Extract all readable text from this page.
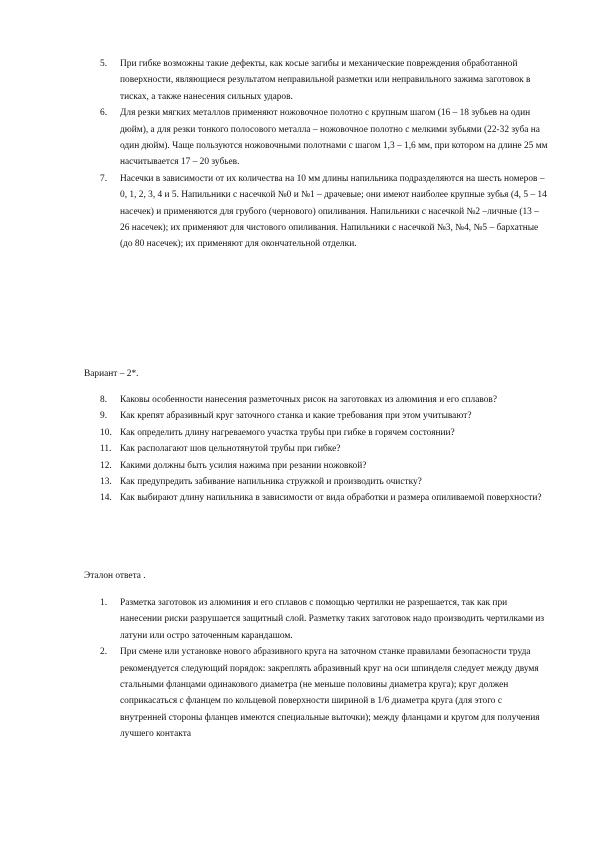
5. При гибке возможны такие дефекты, как косые загибы и механические повреждения обработанной поверхности, являющиеся результатом неправильной разметки или неправильного зажима заготовок в тисках, а также нанесения сильных ударов.
6. Для резки мягких металлов применяют ножовочное полотно с крупным шагом (16 – 18 зубьев на один дюйм), а для резки тонкого полосового металла – ножовочное полотно с мелкими зубьями (22-32 зуба на один дюйм). Чаще пользуются ножовочными полотнами с шагом 1,3 – 1,6 мм, при котором на длине 25 мм насчитывается 17 – 20 зубьев.
7. Насечки в зависимости от их количества на 10 мм длины напильника подразделяются на шесть номеров – 0, 1, 2, 3, 4 и 5. Напильники с насечкой №0 и №1 – драчевые; они имеют наиболее крупные зубья (4, 5 – 14 насечек) и применяются для грубого (чернового) опиливания. Напильники с насечкой №2 –личные (13 – 26 насечек); их применяют для чистового опиливания. Напильники с насечкой №3, №4, №5 – бархатные (до 80 насечек); их применяют для окончательной отделки.

Вариант – 2*.

8. Каковы особенности нанесения разметочных рисок на заготовках из алюминия и его сплавов?
9. Как крепят абразивный круг заточного станка и какие требования при этом учитывают?
10. Как определить длину нагреваемого участка трубы при гибке в горячем состоянии?
11. Как располагают шов цельнотянутой трубы при гибке?
12. Какими должны быть усилия нажима при резании ножовкой?
13. Как предупредить забивание напильника стружкой и производить очистку?
14. Как выбирают длину напильника в зависимости от вида обработки и размера опиливаемой поверхности?

Эталон ответа .

1. Разметка заготовок из алюминия и его сплавов с помощью чертилки не разрешается, так как при нанесении риски разрушается защитный слой. Разметку таких заготовок надо производить чертилками из латуни или остро заточенным карандашом.
2. При смене или установке нового абразивного круга на заточном станке правилами безопасности труда рекомендуется следующий порядок: закреплять абразивный круг на оси шпинделя следует между двумя стальными фланцами одинакового диаметра (не меньше половины диаметра круга); круг должен соприкасаться с фланцем по кольцевой поверхности шириной в 1/6 диаметра круга (для этого с внутренней стороны фланцев имеются специальные выточки); между фланцами и кругом для получения лучшего контакта
